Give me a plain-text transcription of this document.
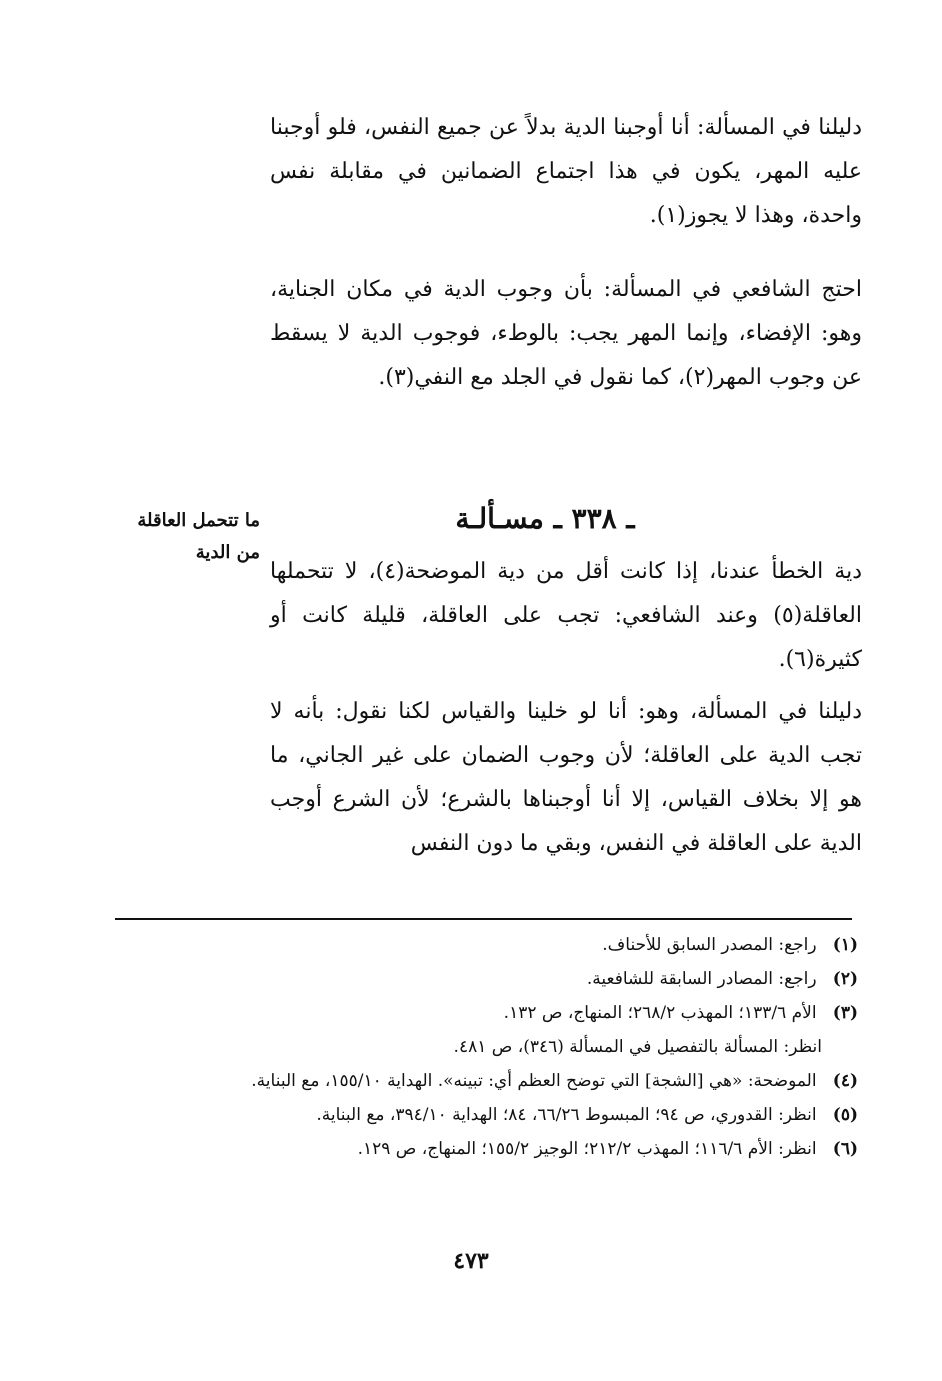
دليلنا في المسألة: أنا أوجبنا الدية بدلاً عن جميع النفس، فلو أوجبنا عليه المهر، يكون في هذا اجتماع الضمانين في مقابلة نفس واحدة، وهذا لا يجوز(١).
احتج الشافعي في المسألة: بأن وجوب الدية في مكان الجناية، وهو: الإفضاء، وإنما المهر يجب: بالوطء، فوجوب الدية لا يسقط عن وجوب المهر(٢)، كما نقول في الجلد مع النفي(٣).
ـ ٣٣٨ ـ مسـألـة
ما تتحمل العاقلة
من الدية
دية الخطأ عندنا، إذا كانت أقل من دية الموضحة(٤)، لا تتحملها العاقلة(٥) وعند الشافعي: تجب على العاقلة، قليلة كانت أو كثيرة(٦).
دليلنا في المسألة، وهو: أنا لو خلينا والقياس لكنا نقول: بأنه لا تجب الدية على العاقلة؛ لأن وجوب الضمان على غير الجاني، ما هو إلا بخلاف القياس، إلا أنا أوجبناها بالشرع؛ لأن الشرع أوجب الدية على العاقلة في النفس، وبقي ما دون النفس
(١) راجع: المصدر السابق للأحناف.
(٢) راجع: المصادر السابقة للشافعية.
(٣) الأم ١٣٣/٦؛ المهذب ٢٦٨/٢؛ المنهاج، ص ١٣٢.
انظر: المسألة بالتفصيل في المسألة (٣٤٦)، ص ٤٨١.
(٤) الموضحة: «هي [الشجة] التي توضح العظم أي: تبينه». الهداية ١٥٥/١٠، مع البناية.
(٥) انظر: القدوري، ص ٩٤؛ المبسوط ٦٦/٢٦، ٨٤؛ الهداية ٣٩٤/١٠، مع البناية.
(٦) انظر: الأم ١١٦/٦؛ المهذب ٢١٢/٢؛ الوجيز ١٥٥/٢؛ المنهاج، ص ١٢٩.
٤٧٣
